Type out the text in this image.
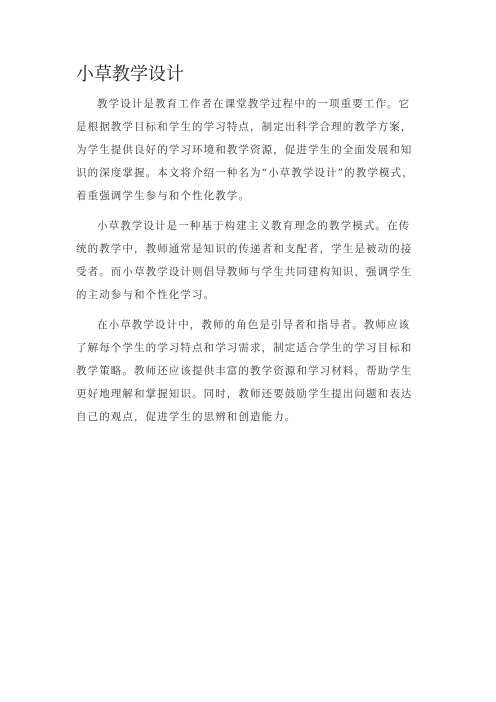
小草教学设计
教学设计是教育工作者在课堂教学过程中的一项重要工作。它
是根据教学目标和学生的学习特点，制定出科学合理的教学方案，
为学生提供良好的学习环境和教学资源，促进学生的全面发展和知
识的深度掌握。本文将介绍一种名为“小草教学设计”的教学模式，
着重强调学生参与和个性化教学。
小草教学设计是一种基于构建主义教育理念的教学模式。在传
统的教学中，教师通常是知识的传递者和支配者，学生是被动的接
受者。而小草教学设计则倡导教师与学生共同建构知识，强调学生
的主动参与和个性化学习。
在小草教学设计中，教师的角色是引导者和指导者。教师应该
了解每个学生的学习特点和学习需求，制定适合学生的学习目标和
教学策略。教师还应该提供丰富的教学资源和学习材料，帮助学生
更好地理解和掌握知识。同时，教师还要鼓励学生提出问题和表达
自己的观点，促进学生的思辨和创造能力。
